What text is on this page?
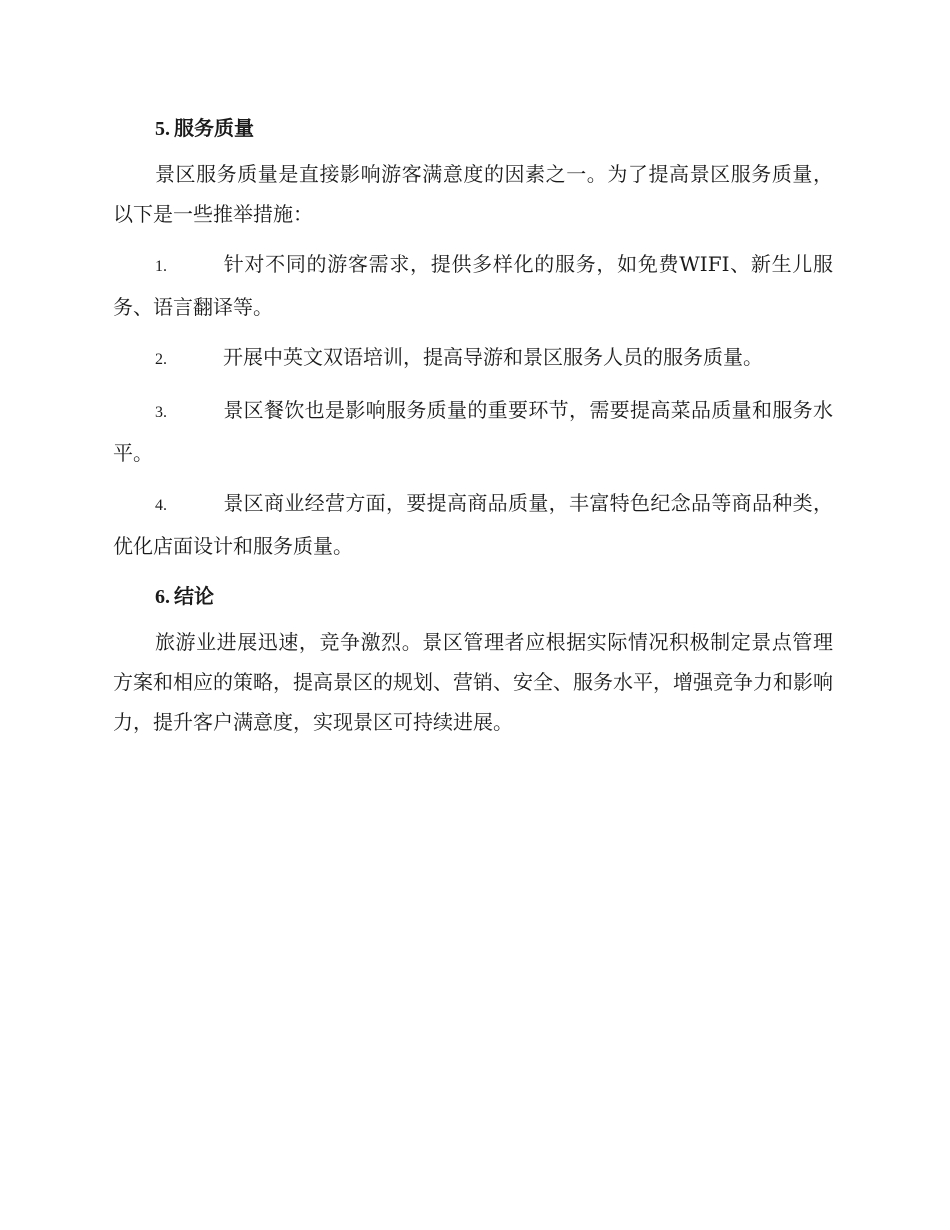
5. 服务质量

景区服务质量是直接影响游客满意度的因素之一。为了提高景区服务质量，以下是一些推举措施：

1.	针对不同的游客需求，提供多样化的服务，如免费WIFI、新生儿服务、语言翻译等。

2.	开展中英文双语培训，提高导游和景区服务人员的服务质量。

3.	景区餐饮也是影响服务质量的重要环节，需要提高菜品质量和服务水平。

4.	景区商业经营方面，要提高商品质量，丰富特色纪念品等商品种类，优化店面设计和服务质量。

6. 结论

旅游业进展迅速，竞争激烈。景区管理者应根据实际情况积极制定景点管理方案和相应的策略，提高景区的规划、营销、安全、服务水平，增强竞争力和影响力，提升客户满意度，实现景区可持续进展。
